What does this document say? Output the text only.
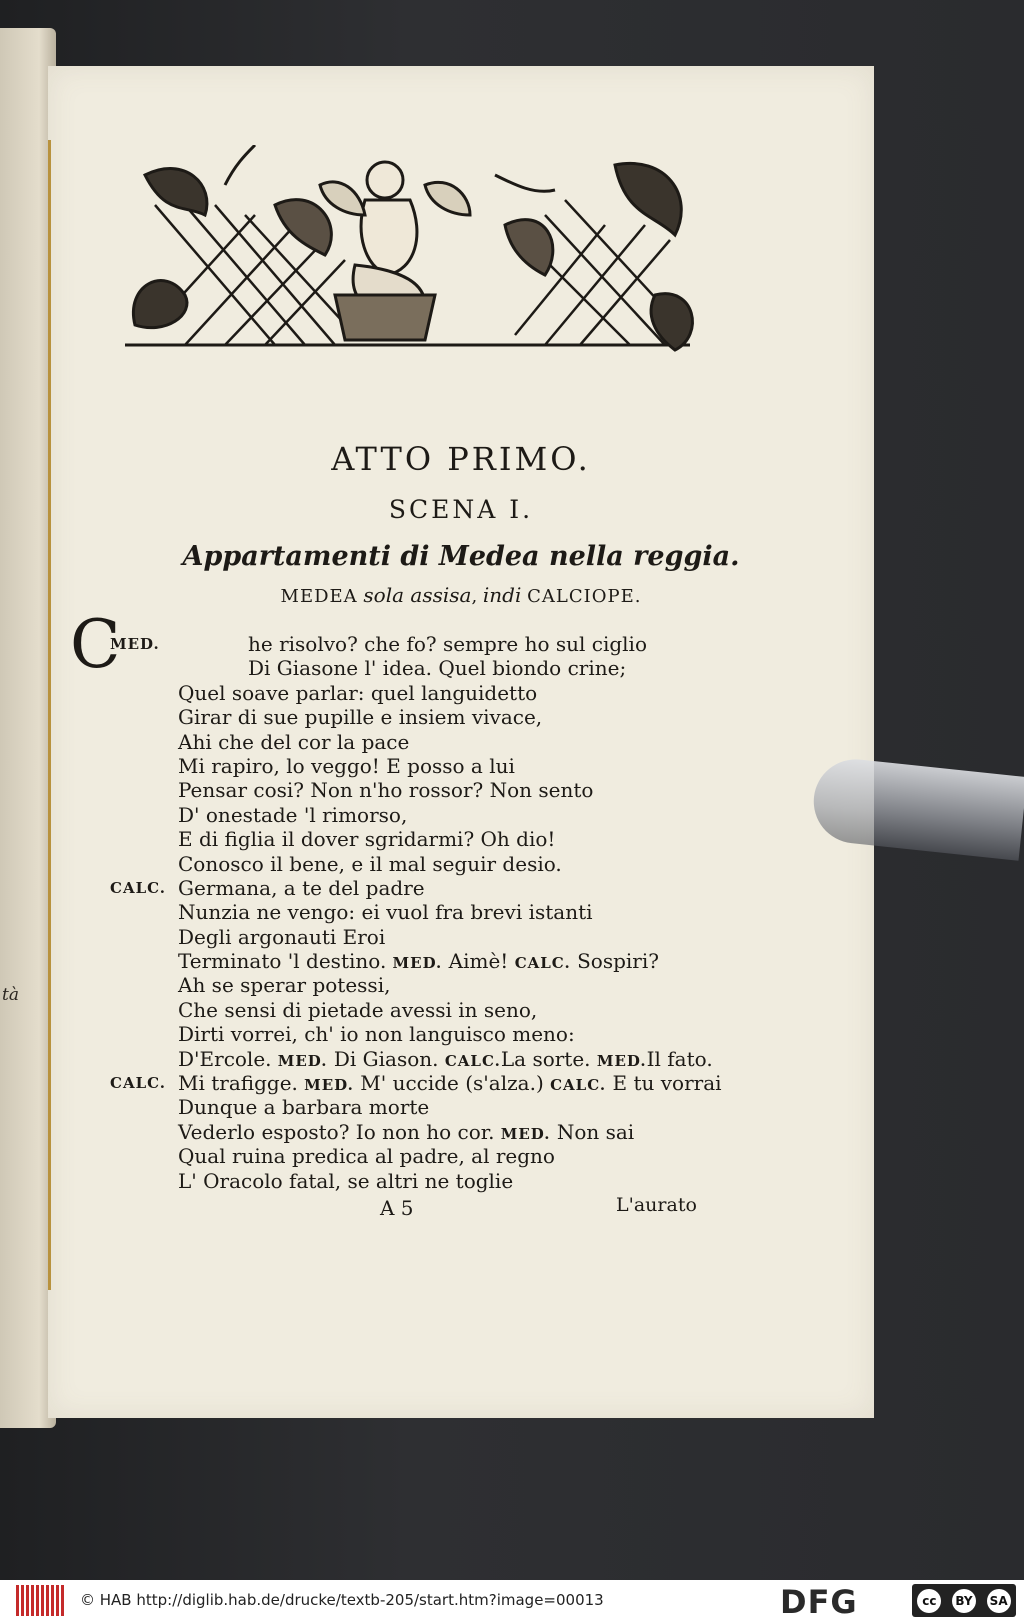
tà
ATTO PRIMO.
SCENA I.
Appartamenti di Medea nella reggia.
MEDEA sola assisa, indi CALCIOPE.
C
MED.	he risolvo? che fo? sempre ho sul ciglio
Di Giasone l' idea. Quel biondo crine;
Quel soave parlar: quel languidetto
Girar di sue pupille e insiem vivace,
Ahi che del cor la pace
Mi rapiro, lo veggo! E posso a lui
Pensar cosi? Non n'ho rossor? Non sento
D' onestade 'l rimorso,
E di figlia il dover sgridarmi? Oh dio!
Conosco il bene, e il mal seguir desio.
CALC. Germana, a te del padre
Nunzia ne vengo: ei vuol fra brevi istanti
Degli argonauti Eroi
Terminato 'l destino. MED. Aimè! CALC. Sospiri?
Ah se sperar potessi,
Che sensi di pietade avessi in seno,
Dirti vorrei, ch' io non languisco meno:
D'Ercole. MED. Di Giason. CALC.La sorte. MED.Il fato.
CALC. Mi trafigge. MED. M' uccide (s'alza.) CALC. E tu vorrai
Dunque a barbara morte
Vederlo esposto? Io non ho cor. MED. Non sai
Qual ruina predica al padre, al regno
L' Oracolo fatal, se altri ne toglie
A 5	L'aurato
© HAB http://diglib.hab.de/drucke/textb-205/start.htm?image=00013	DFG	cc	BY SA
